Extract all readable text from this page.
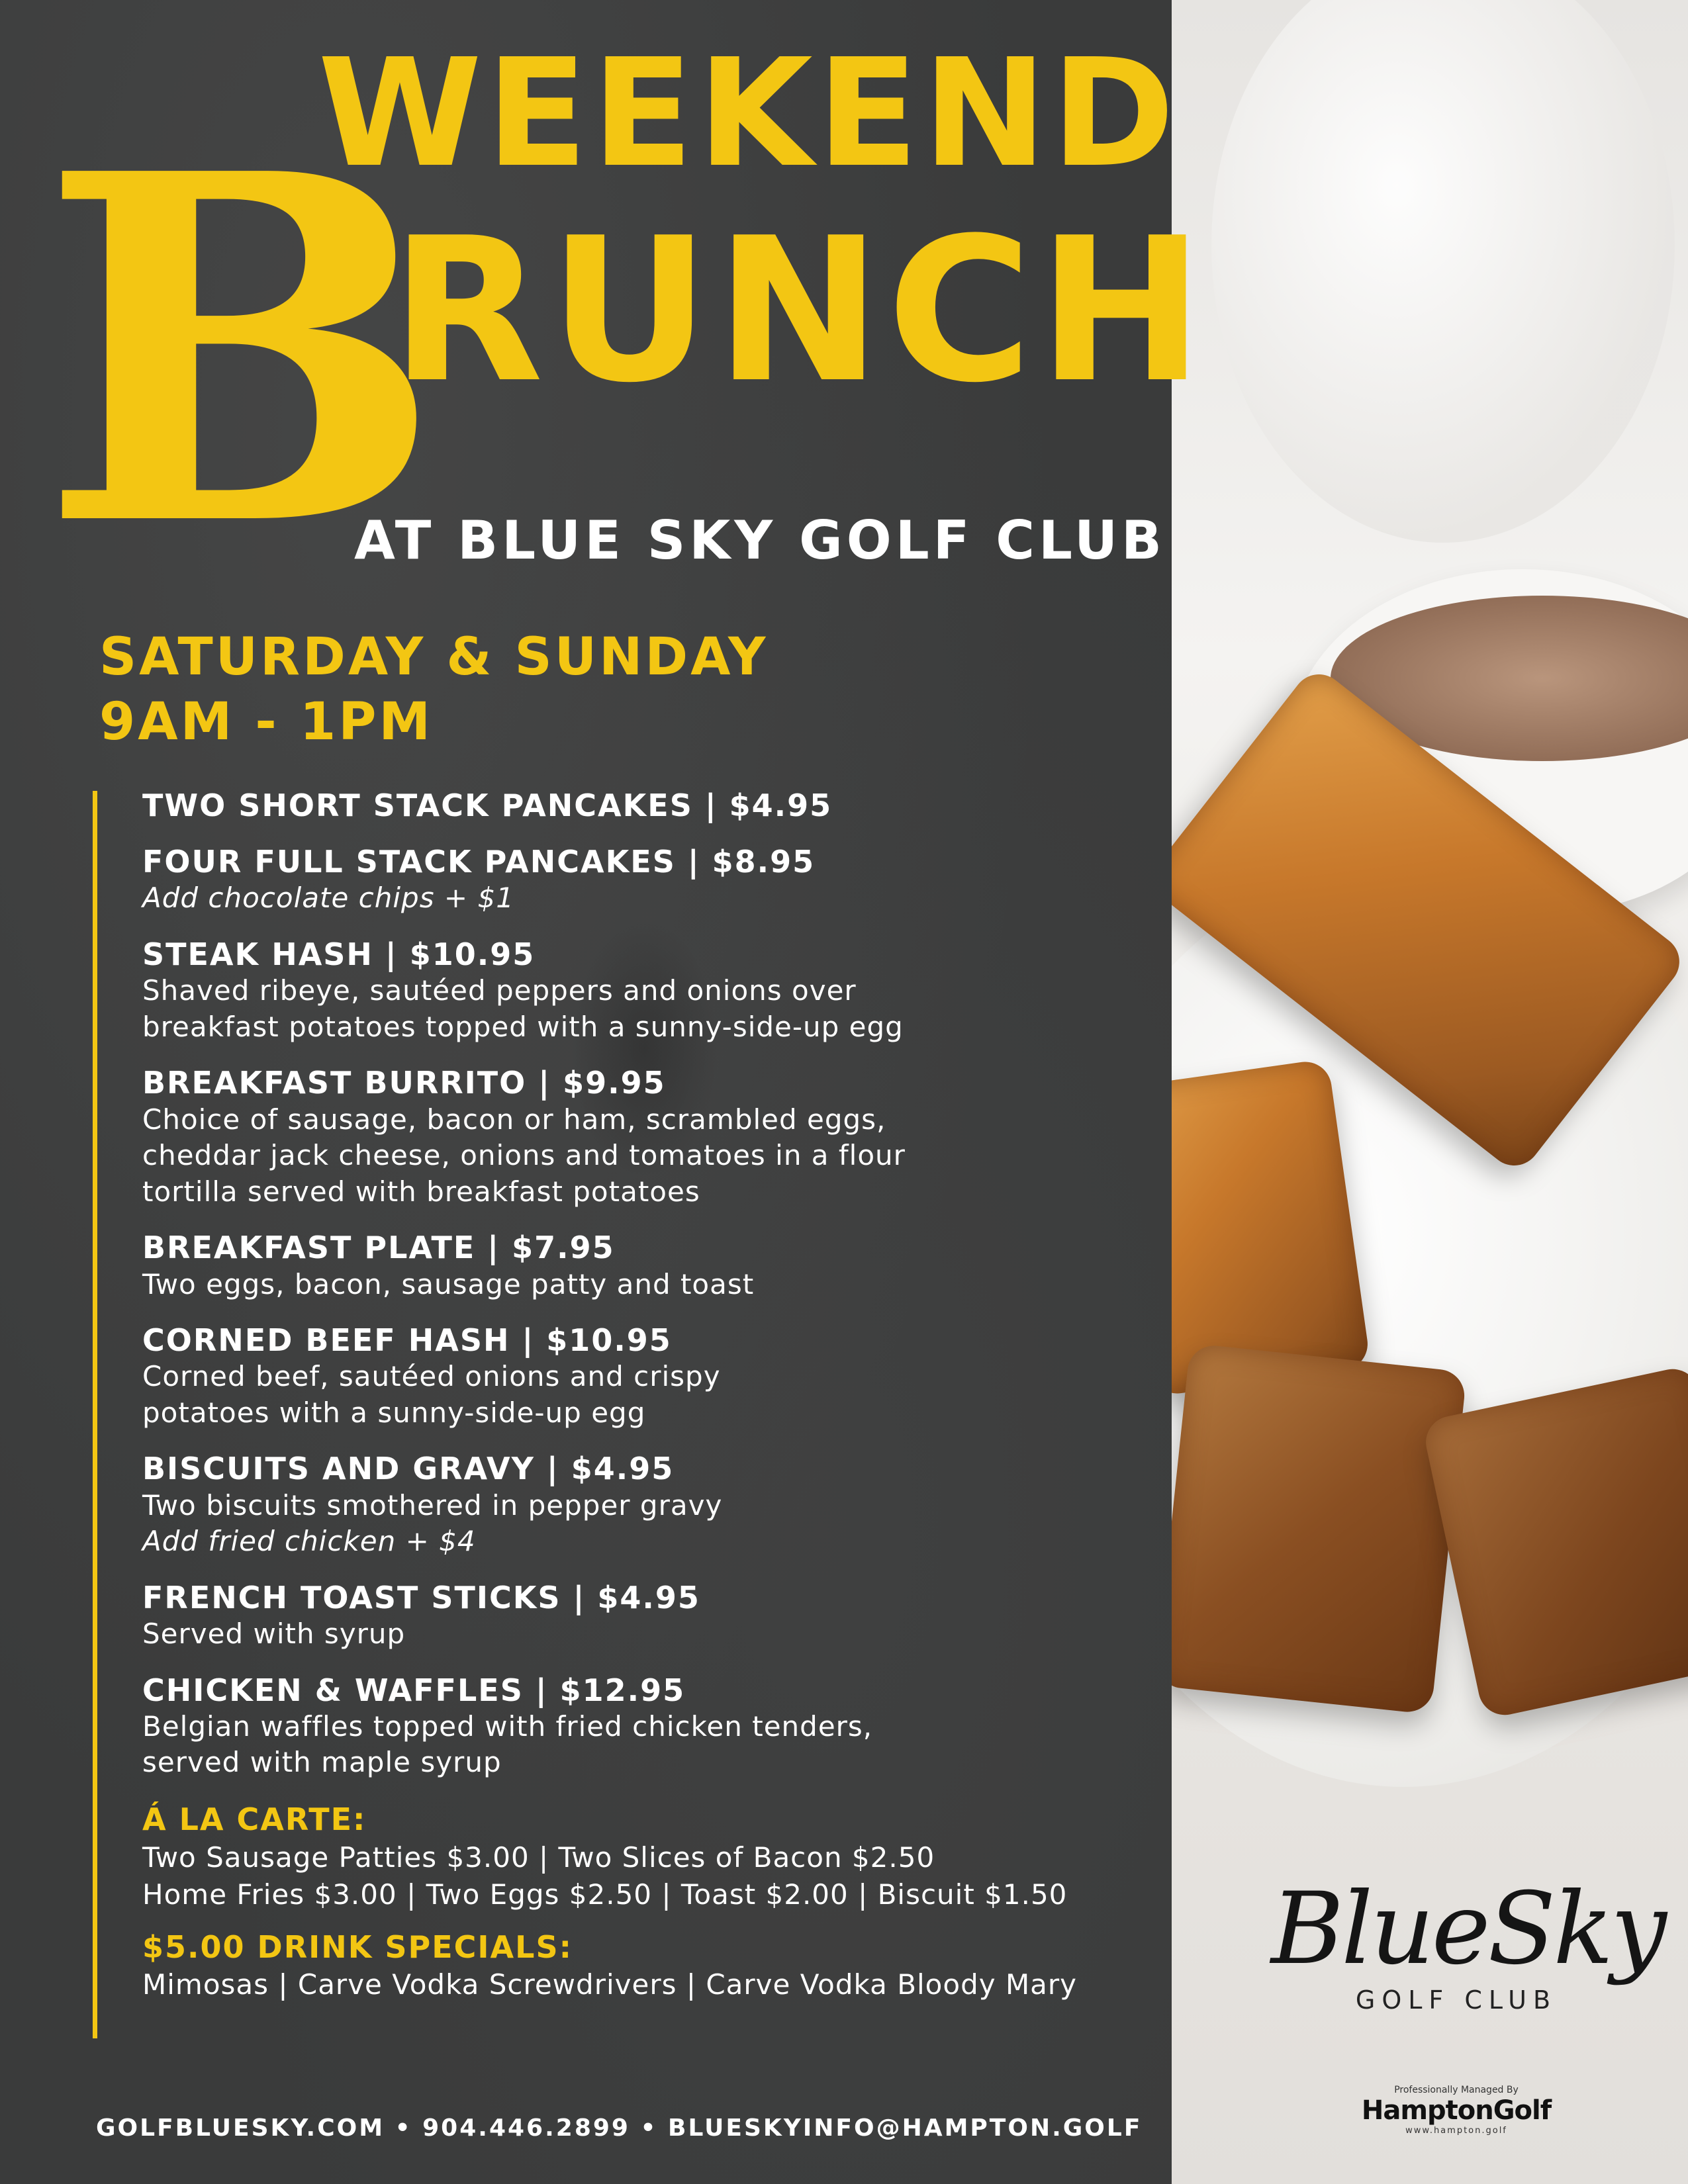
B
WEEKEND
RUNCH
AT BLUE SKY GOLF CLUB
SATURDAY & SUNDAY
9AM - 1PM
TWO SHORT STACK PANCAKES | $4.95
FOUR FULL STACK PANCAKES | $8.95
Add chocolate chips + $1
STEAK HASH | $10.95
Shaved ribeye, sautéed peppers and onions over
breakfast potatoes topped with a sunny-side-up egg
BREAKFAST BURRITO | $9.95
Choice of sausage, bacon or ham, scrambled eggs,
cheddar jack cheese, onions and tomatoes in a flour
tortilla served with breakfast potatoes
BREAKFAST PLATE | $7.95
Two eggs, bacon, sausage patty and toast
CORNED BEEF HASH | $10.95
Corned beef, sautéed onions and crispy
potatoes with a sunny-side-up egg
BISCUITS AND GRAVY | $4.95
Two biscuits smothered in pepper gravy
Add fried chicken + $4
FRENCH TOAST STICKS | $4.95
Served with syrup
CHICKEN & WAFFLES | $12.95
Belgian waffles topped with fried chicken tenders,
served with maple syrup
Á LA CARTE:
Two Sausage Patties $3.00 | Two Slices of Bacon $2.50
Home Fries $3.00 | Two Eggs $2.50 | Toast $2.00 | Biscuit $1.50
$5.00 DRINK SPECIALS:
Mimosas | Carve Vodka Screwdrivers | Carve Vodka Bloody Mary
GOLFBLUESKY.COM • 904.446.2899 • BLUESKYINFO@HAMPTON.GOLF
BlueSky
GOLF CLUB
Professionally Managed By
HamptonGolf
www.hampton.golf
